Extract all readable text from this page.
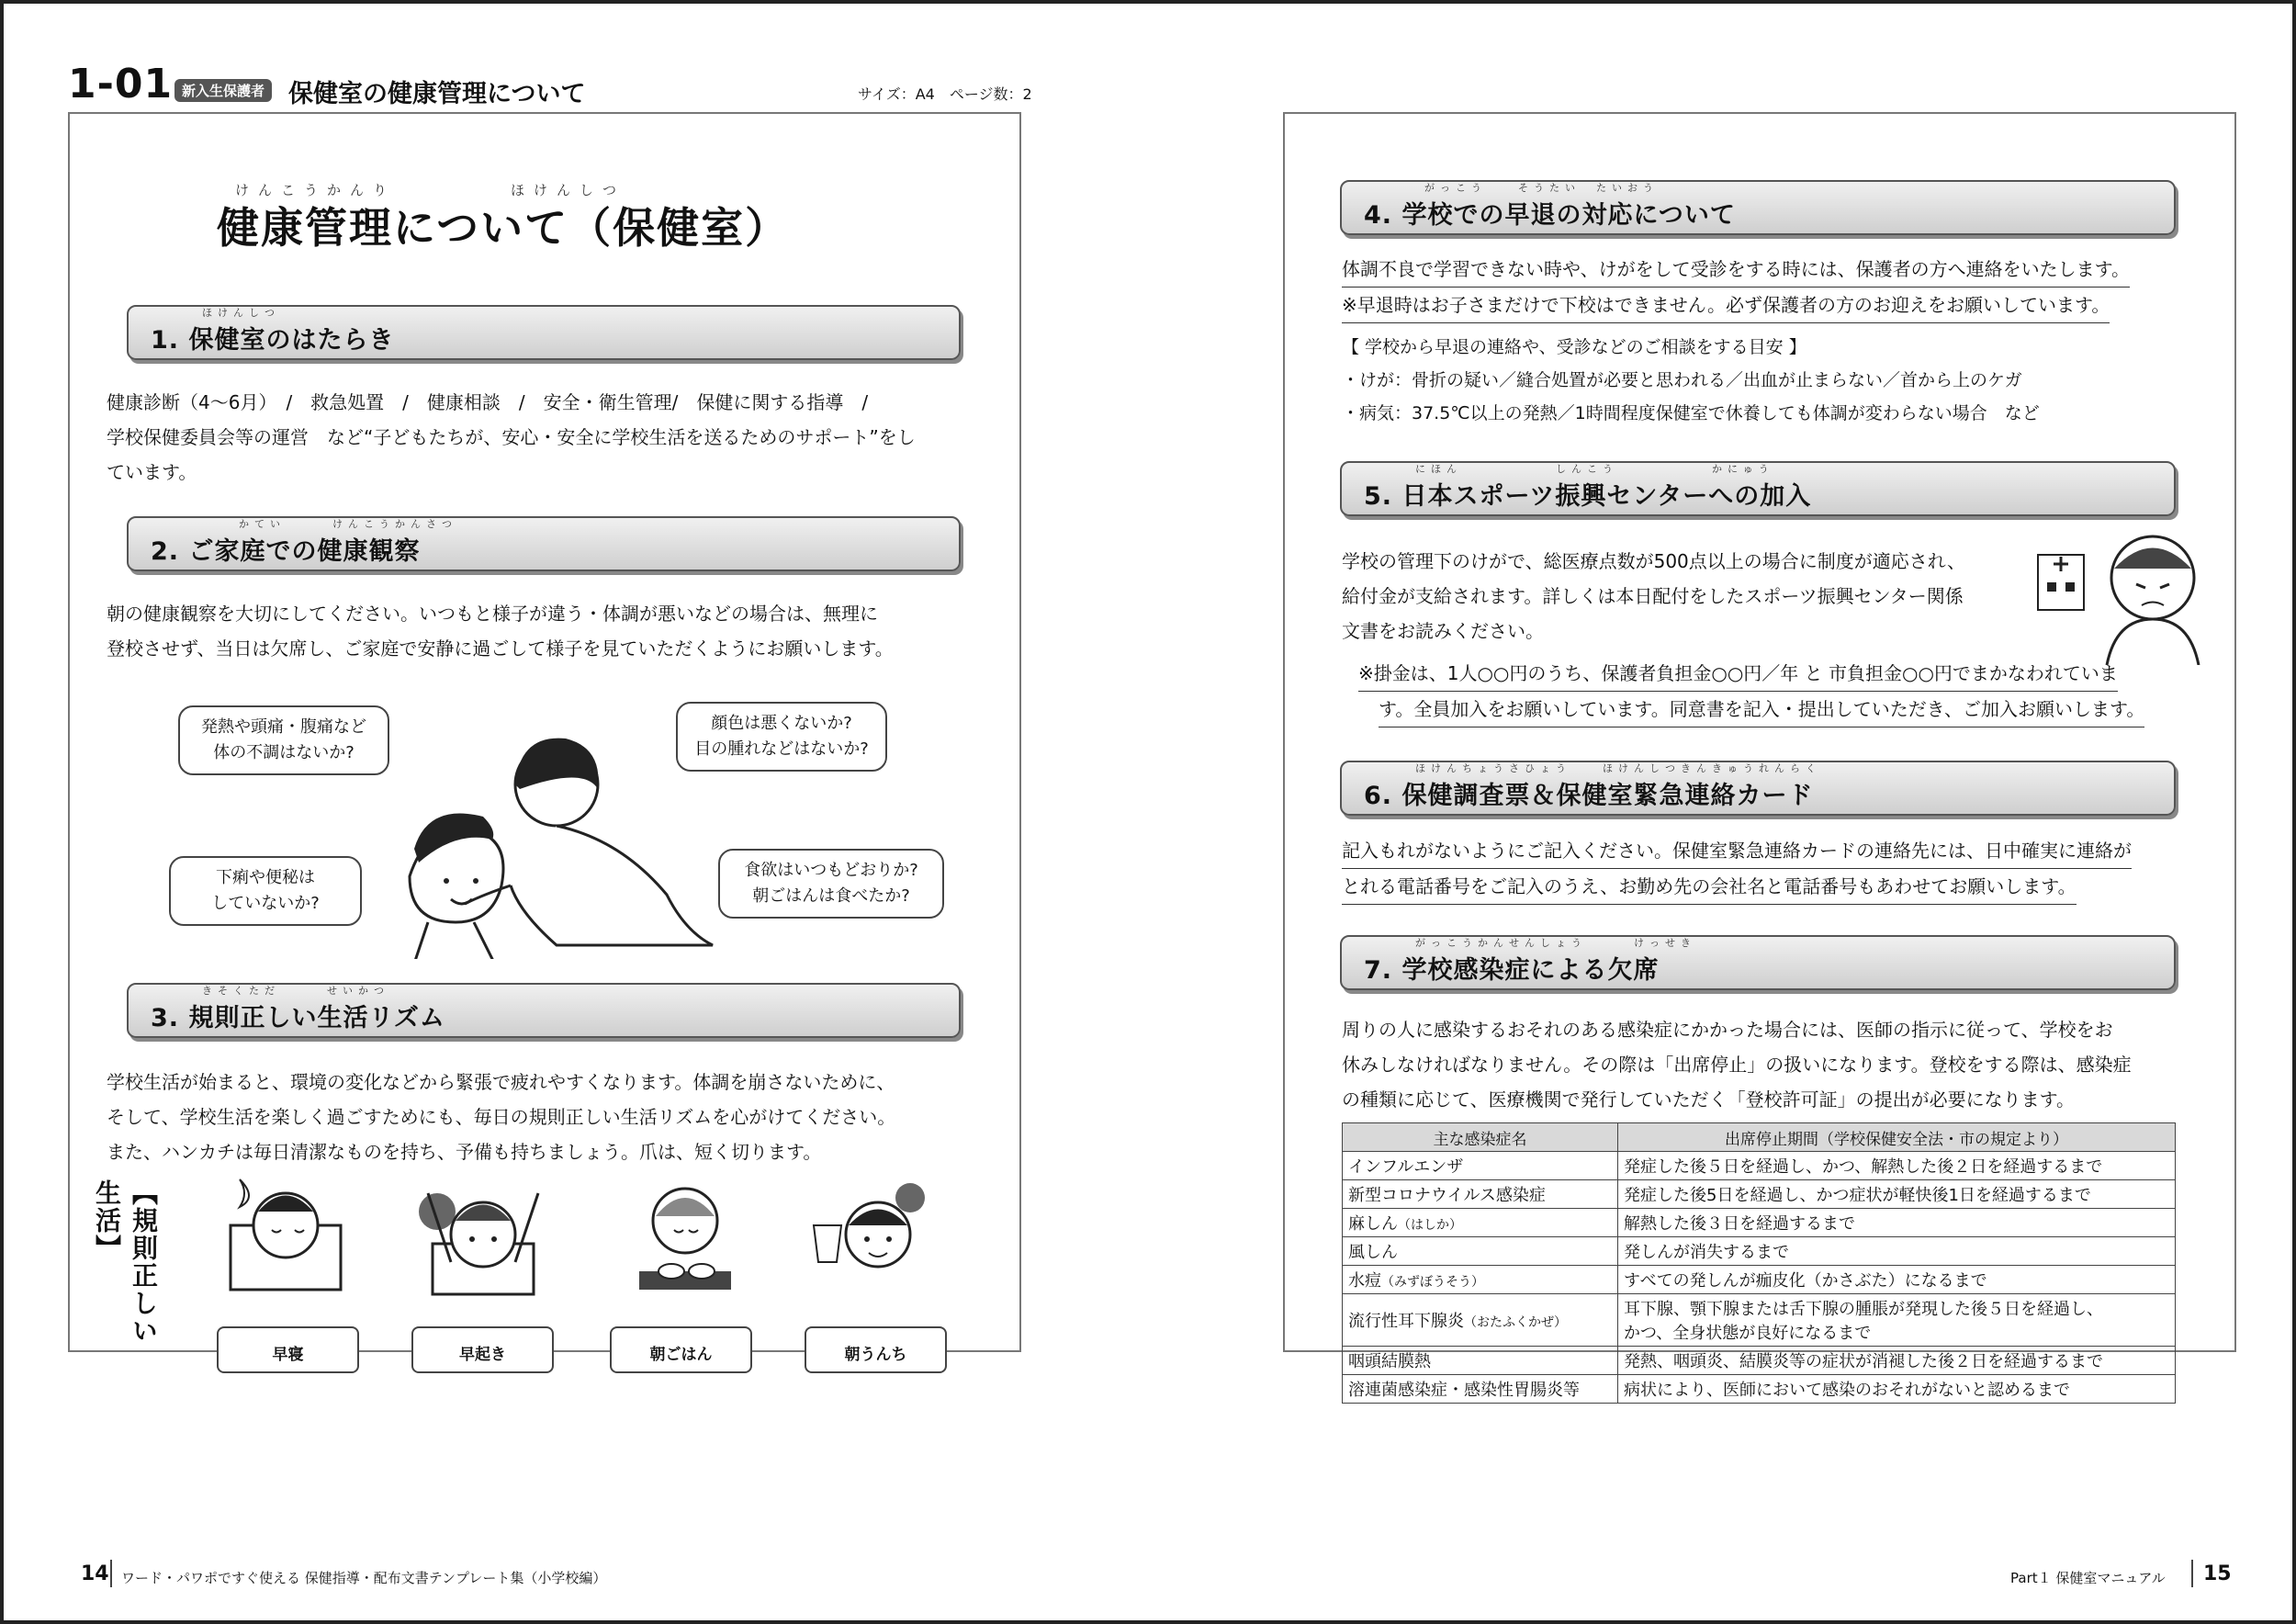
1-01 新入生保護者 保健室の健康管理について	サイズ：A4　ページ数：2
けんこうかんり　　　　　ほけんしつ
健康管理について（保健室）
ほけんしつ
1. 保健室のはたらき

健康診断（4～6月）　/　救急処置　/　健康相談　/　安全・衛生管理/　保健に関する指導　/

学校保健委員会等の運営　など“子どもたちが、安心・安全に学校生活を送るためのサポート”をし

ています。

かてい　　　けんこうかんさつ
2. ご家庭での健康観察

朝の健康観察を大切にしてください。いつもと様子が違う・体調が悪いなどの場合は、無理に

登校させず、当日は欠席し、ご家庭で安静に過ごして様子を見ていただくようにお願いします。

発熱や頭痛・腹痛など
体の不調はないか?
顔色は悪くないか?
目の腫れなどはないか?
下痢や便秘は
していないか?
食欲はいつもどおりか?
朝ごはんは食べたか?
きそくただ　　　せいかつ
3. 規則正しい生活リズム

学校生活が始まると、環境の変化などから緊張で疲れやすくなります。体調を崩さないために、

そして、学校生活を楽しく過ごすためにも、毎日の規則正しい生活リズムを心がけてください。

また、ハンカチは毎日清潔なものを持ち、予備も持ちましょう。爪は、短く切ります。

【規則正しい生活】
早寝	早起き	朝ごはん	朝うんち
がっこう　　そうたい　たいおう
4. 学校での早退の対応について

体調不良で学習できない時や、けがをして受診をする時には、保護者の方へ連絡をいたします。

※早退時はお子さまだけで下校はできません。必ず保護者の方のお迎えをお願いしています。

【 学校から早退の連絡や、受診などのご相談をする目安 】

・けが：骨折の疑い／縫合処置が必要と思われる／出血が止まらない／首から上のケガ

・病気：37.5℃以上の発熱／1時間程度保健室で休養しても体調が変わらない場合　など

にほん　　　　　　しんこう　　　　　　かにゅう
5. 日本スポーツ振興センターへの加入

学校の管理下のけがで、総医療点数が500点以上の場合に制度が適応され、

給付金が支給されます。詳しくは本日配付をしたスポーツ振興センター関係

文書をお読みください。

※掛金は、1人○○円のうち、保護者負担金○○円／年 と 市負担金○○円でまかなわれていま

す。全員加入をお願いしています。同意書を記入・提出していただき、ご加入お願いします。

ほけんちょうさひょう　　ほけんしつきんきゅうれんらく
6. 保健調査票＆保健室緊急連絡カード

記入もれがないようにご記入ください。保健室緊急連絡カードの連絡先には、日中確実に連絡が

とれる電話番号をご記入のうえ、お勤め先の会社名と電話番号もあわせてお願いします。

がっこうかんせんしょう　　　けっせき
7. 学校感染症による欠席

周りの人に感染するおそれのある感染症にかかった場合には、医師の指示に従って、学校をお

休みしなければなりません。その際は「出席停止」の扱いになります。登校をする際は、感染症

の種類に応じて、医療機関で発行していただく「登校許可証」の提出が必要になります。

主な感染症名	出席停止期間（学校保健安全法・市の規定より）
インフルエンザ	発症した後５日を経過し、かつ、解熱した後２日を経過するまで
新型コロナウイルス感染症	発症した後5日を経過し、かつ症状が軽快後1日を経過するまで
麻しん（はしか）	解熱した後３日を経過するまで
風しん	発しんが消失するまで
水痘（みずぼうそう）	すべての発しんが痂皮化（かさぶた）になるまで
流行性耳下腺炎（おたふくかぜ）	耳下腺、顎下腺または舌下腺の腫脹が発現した後５日を経過し、
かつ、全身状態が良好になるまで
咽頭結膜熱	発熱、咽頭炎、結膜炎等の症状が消褪した後２日を経過するまで
溶連菌感染症・感染性胃腸炎等	病状により、医師において感染のおそれがないと認めるまで
14 ワード・パワポですぐ使える 保健指導・配布文書テンプレート集（小学校編）	Part１ 保健室マニュアル 15
